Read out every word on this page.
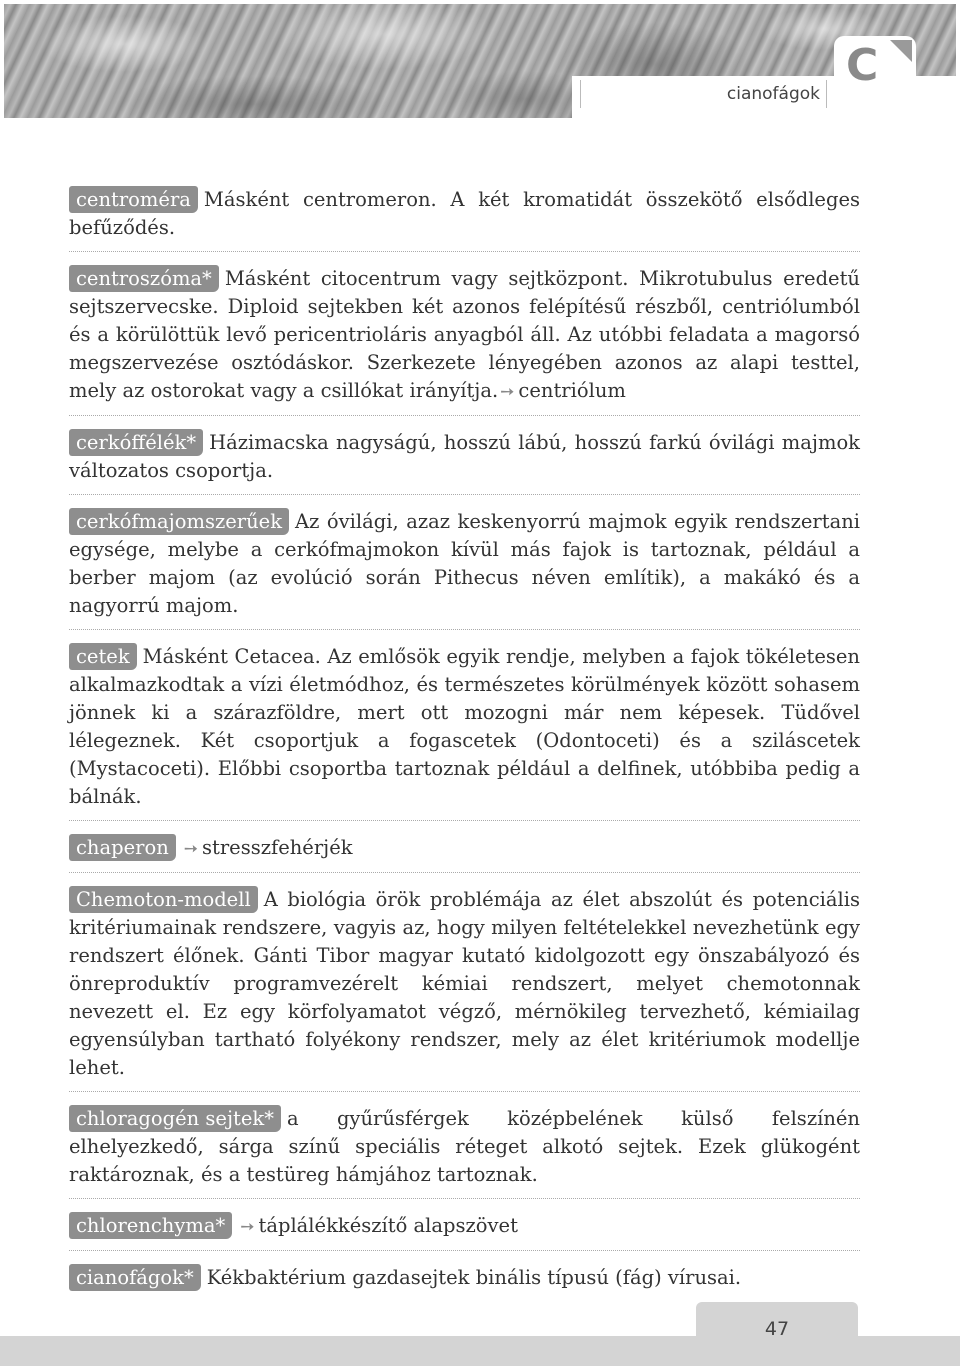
cianofágok
C
centroméra Másként centromeron. A két kromatidát összekötő elsődleges befűződés.
centroszóma* Másként citocentrum vagy sejtközpont. Mikrotubulus eredetű sejtszervecske. Diploid sejtekben két azonos felépítésű részből, centriólumból és a körülöttük levő pericentrioláris anyagból áll. Az utóbbi feladata a magorsó megszervezése osztódáskor. Szerkezete lényegében azonos az alapi testtel, mely az ostorokat vagy a csillókat irányítja. ➙ centriólum
cerkóffélék* Házimacska nagyságú, hosszú lábú, hosszú farkú óvilági majmok változatos csoportja.
cerkófmajomszerűek Az óvilági, azaz keskenyorrú majmok egyik rendszertani egysége, melybe a cerkófmajmokon kívül más fajok is tartoznak, például a berber majom (az evolúció során Pithecus néven említik), a makákó és a nagyorrú majom.
cetek Másként Cetacea. Az emlősök egyik rendje, melyben a fajok tökéletesen alkalmazkodtak a vízi életmódhoz, és természetes körülmények között sohasem jönnek ki a szárazföldre, mert ott mozogni már nem képesek. Tüdővel lélegeznek. Két csoportjuk a fogascetek (Odontoceti) és a sziláscetek (Mystacoceti). Előbbi csoportba tartoznak például a delfinek, utóbbiba pedig a bálnák.
chaperon ➙ stresszfehérjék
Chemoton-modell A biológia örök problémája az élet abszolút és potenciális kritériumainak rendszere, vagyis az, hogy milyen feltételekkel nevezhetünk egy rendszert élőnek. Gánti Tibor magyar kutató kidolgozott egy önszabályozó és önreproduktív programvezérelt kémiai rendszert, melyet chemotonnak nevezett el. Ez egy körfolyamatot végző, mérnökileg tervezhető, kémiailag egyensúlyban tartható folyékony rendszer, mely az élet kritériumok modellje lehet.
chloragogén sejtek* a gyűrűsférgek középbelének külső felszínén elhelyezkedő, sárga színű speciális réteget alkotó sejtek. Ezek glükogént raktároznak, és a testüreg hámjához tartoznak.
chlorenchyma* ➙ táplálékkészítő alapszövet
cianofágok* Kékbaktérium gazdasejtek binális típusú (fág) vírusai.
47
